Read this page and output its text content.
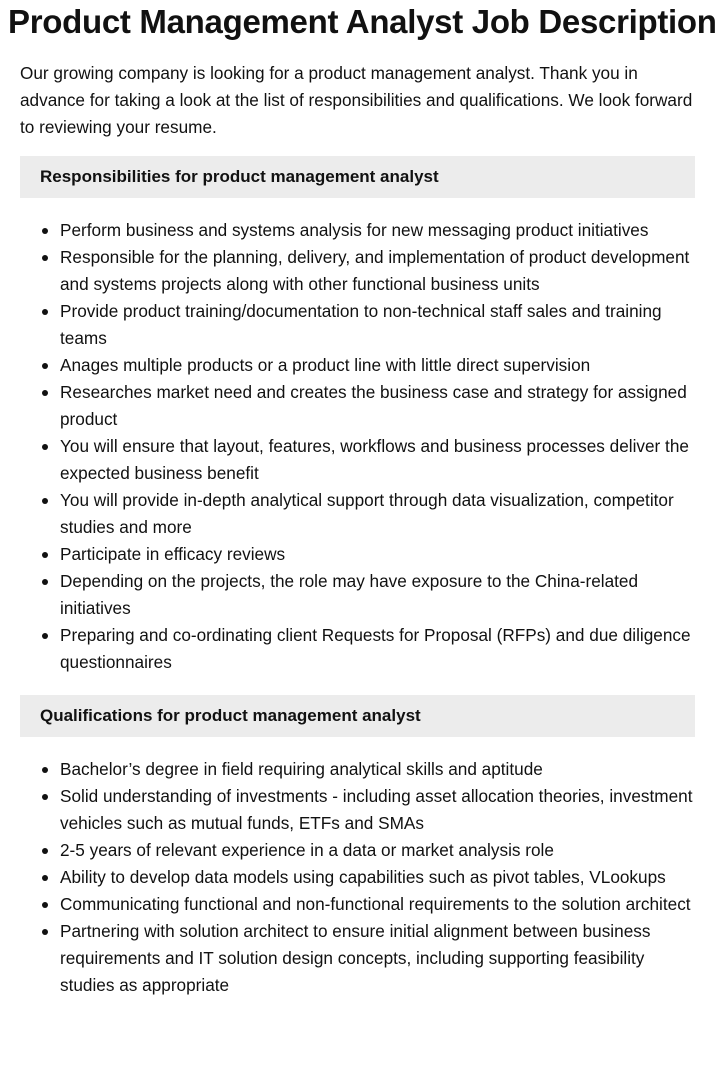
Product Management Analyst Job Description

Our growing company is looking for a product management analyst. Thank you in advance for taking a look at the list of responsibilities and qualifications. We look forward to reviewing your resume.

Responsibilities for product management analyst
Perform business and systems analysis for new messaging product initiatives
Responsible for the planning, delivery, and implementation of product development and systems projects along with other functional business units
Provide product training/documentation to non-technical staff sales and training teams
Anages multiple products or a product line with little direct supervision
Researches market need and creates the business case and strategy for assigned product
You will ensure that layout, features, workflows and business processes deliver the expected business benefit
You will provide in-depth analytical support through data visualization, competitor studies and more
Participate in efficacy reviews
Depending on the projects, the role may have exposure to the China-related initiatives
Preparing and co-ordinating client Requests for Proposal (RFPs) and due diligence questionnaires
Qualifications for product management analyst
Bachelor’s degree in field requiring analytical skills and aptitude
Solid understanding of investments - including asset allocation theories, investment vehicles such as mutual funds, ETFs and SMAs
2-5 years of relevant experience in a data or market analysis role
Ability to develop data models using capabilities such as pivot tables, VLookups
Communicating functional and non-functional requirements to the solution architect
Partnering with solution architect to ensure initial alignment between business requirements and IT solution design concepts, including supporting feasibility studies as appropriate
